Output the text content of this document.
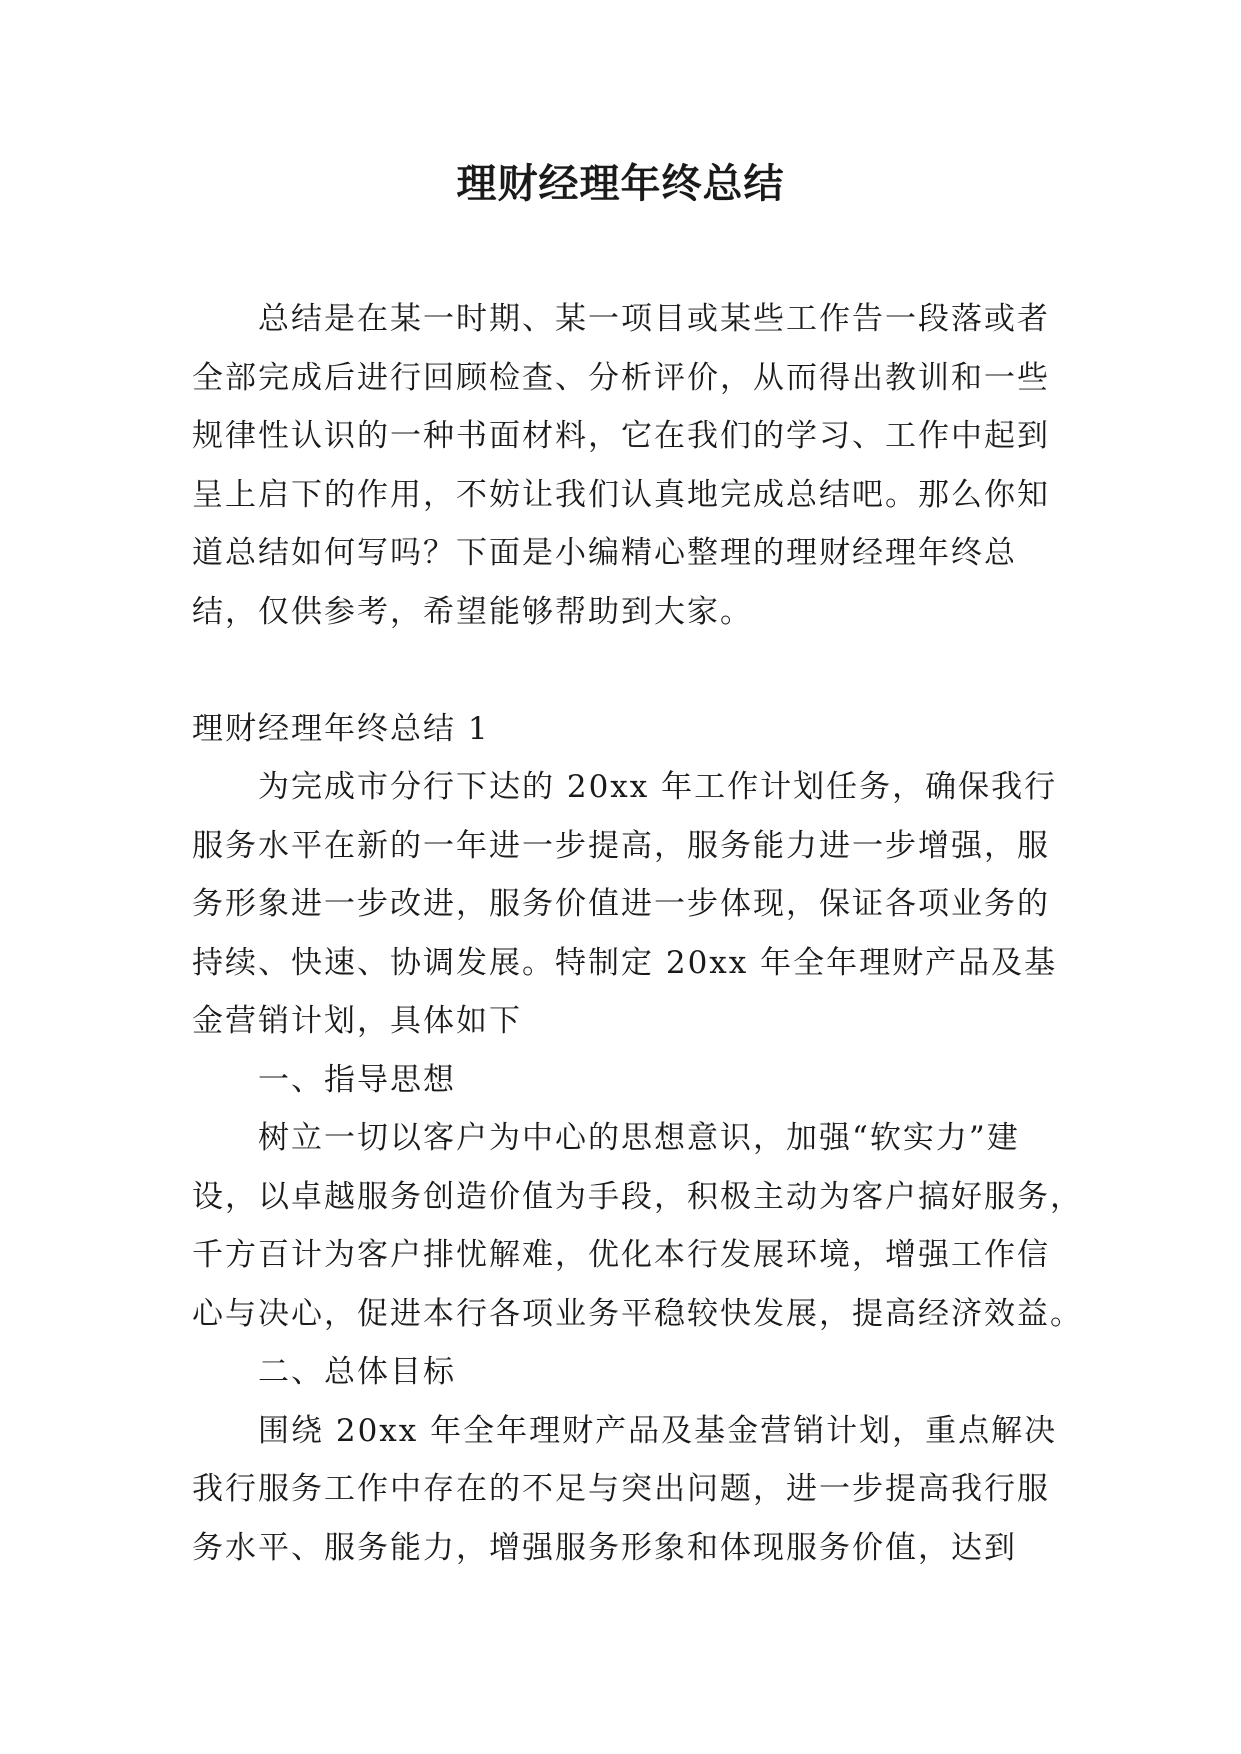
理财经理年终总结
　　总结是在某一时期、某一项目或某些工作告一段落或者
全部完成后进行回顾检查、分析评价，从而得出教训和一些
规律性认识的一种书面材料，它在我们的学习、工作中起到
呈上启下的作用，不妨让我们认真地完成总结吧。那么你知
道总结如何写吗？下面是小编精心整理的理财经理年终总
结，仅供参考，希望能够帮助到大家。
理财经理年终总结 1
　　为完成市分行下达的 20xx 年工作计划任务，确保我行
服务水平在新的一年进一步提高，服务能力进一步增强，服
务形象进一步改进，服务价值进一步体现，保证各项业务的
持续、快速、协调发展。特制定 20xx 年全年理财产品及基
金营销计划，具体如下
　　一、指导思想
　　树立一切以客户为中心的思想意识，加强“软实力”建
设，以卓越服务创造价值为手段，积极主动为客户搞好服务，
千方百计为客户排忧解难，优化本行发展环境，增强工作信
心与决心，促进本行各项业务平稳较快发展，提高经济效益。
　　二、总体目标
　　围绕 20xx 年全年理财产品及基金营销计划，重点解决
我行服务工作中存在的不足与突出问题，进一步提高我行服
务水平、服务能力，增强服务形象和体现服务价值，达到
